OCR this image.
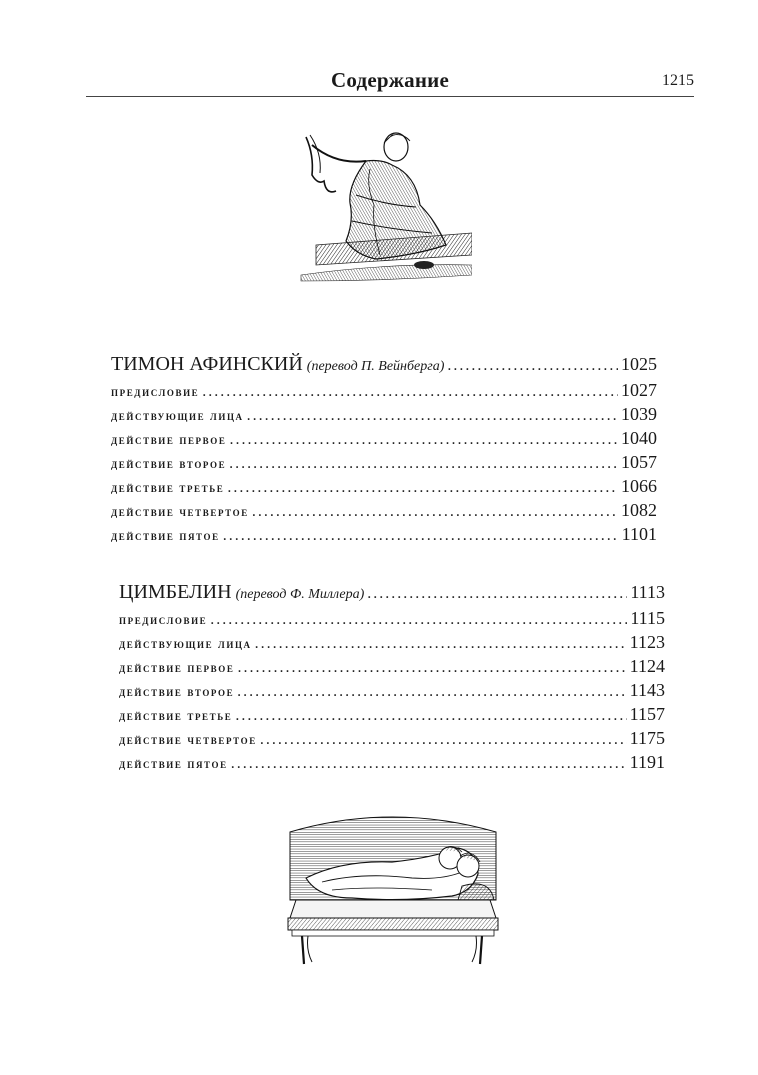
Содержание	1215
ТИМОН АФИНСКИЙ (перевод П. Вейнберга) .....	1025
предисловие .....	1027
действующие лица .....	1039
действие первое .....	1040
действие второе .....	1057
действие третье .....	1066
действие четвертое .....	1082
действие пятое .....	1101
ЦИМБЕЛИН (перевод Ф. Миллера) .....	1113
предисловие .....	1115
действующие лица .....	1123
действие первое .....	1124
действие второе .....	1143
действие третье .....	1157
действие четвертое .....	1175
действие пятое .....	1191
